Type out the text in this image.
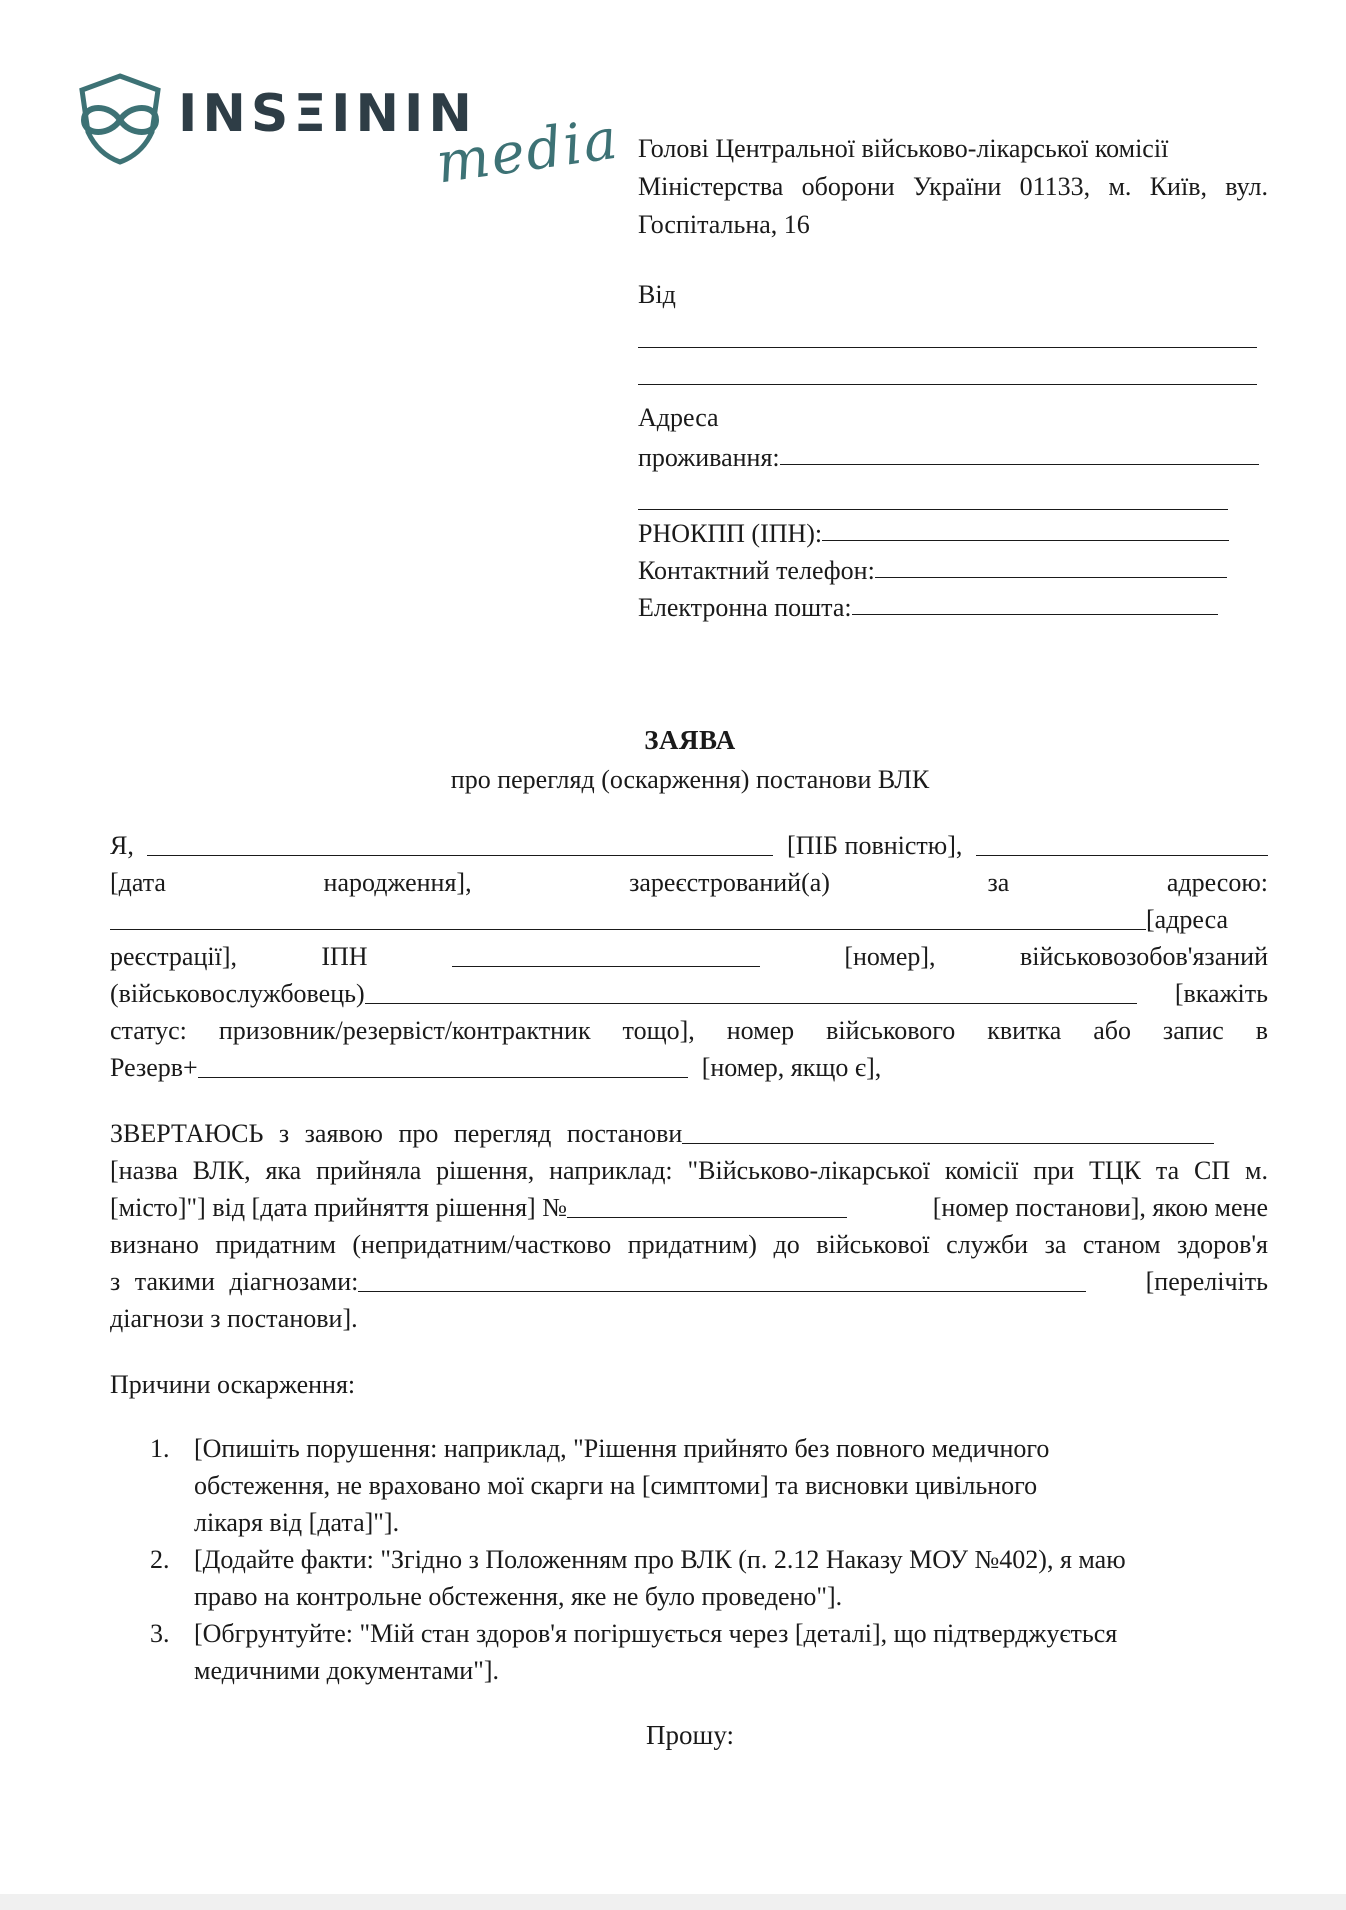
INSΞININ
media Голові Центральної військово-лікарської комісії
Міністерства оборони України 01133, м. Київ, вул.
Госпітальна, 16
Від
Адреса
проживання:
РНОКПП (ІПН):
Контактний телефон:
Електронна пошта:
ЗАЯВА
про перегляд (оскарження) постанови ВЛК
Я,	[ПІБ повністю],
[дата	народження],	зареєстрований(а)	за	адресою:
[адреса
реєстрації],	ІПН	[номер],	військовозобов'язаний
(військовослужбовець)	[вкажіть
статус: призовник/резервіст/контрактник тощо], номер військового квитка або запис в
Резерв+	[номер, якщо є],
ЗВЕРТАЮСЬ з заявою про перегляд постанови
[назва ВЛК, яка прийняла рішення, наприклад: "Військово-лікарської комісії при ТЦК та СП м.
[місто]"] від [дата прийняття рішення] №	[номер постанови], якою мене
визнано придатним (непридатним/частково придатним) до військової служби за станом здоров'я
з такими діагнозами:	[перелічіть
діагнози з постанови].
Причини оскарження:
1. [Опишіть порушення: наприклад, "Рішення прийнято без повного медичного обстеження, не враховано мої скарги на [симптоми] та висновки цивільного лікаря від [дата]"].
2. [Додайте факти: "Згідно з Положенням про ВЛК (п. 2.12 Наказу МОУ №402), я маю право на контрольне обстеження, яке не було проведено"].
3. [Обгрунтуйте: "Мій стан здоров'я погіршується через [деталі], що підтверджується медичними документами"].
Прошу:
